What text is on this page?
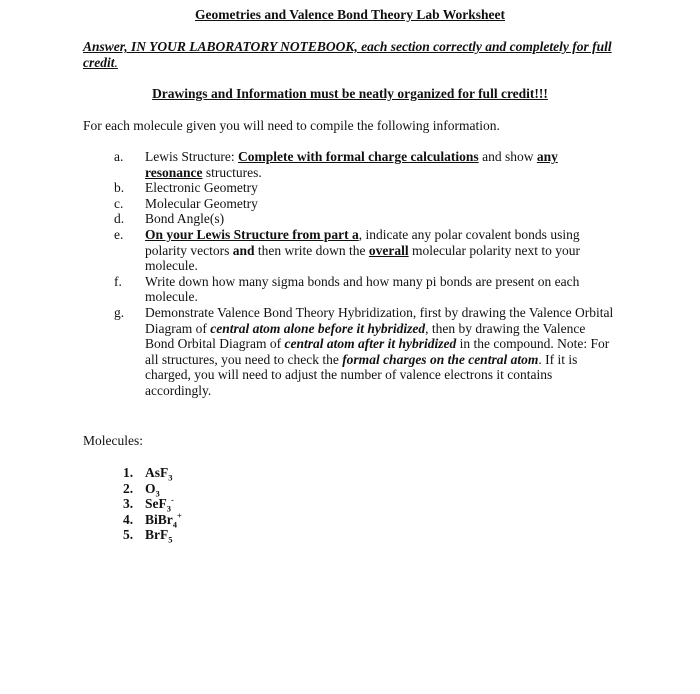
Geometries and Valence Bond Theory Lab Worksheet
Answer, IN YOUR LABORATORY NOTEBOOK, each section correctly and completely for full credit.
Drawings and Information must be neatly organized for full credit!!!
For each molecule given you will need to compile the following information.
a.	Lewis Structure: Complete with formal charge calculations and show any resonance structures.
b.	Electronic Geometry
c.	Molecular Geometry
d.	Bond Angle(s)
e.	On your Lewis Structure from part a, indicate any polar covalent bonds using polarity vectors and then write down the overall molecular polarity next to your molecule.
f.	Write down how many sigma bonds and how many pi bonds are present on each molecule.
g.	Demonstrate Valence Bond Theory Hybridization, first by drawing the Valence Orbital Diagram of central atom alone before it hybridized, then by drawing the Valence Bond Orbital Diagram of central atom after it hybridized in the compound. Note: For all structures, you need to check the formal charges on the central atom. If it is charged, you will need to adjust the number of valence electrons it contains accordingly.
Molecules:
1. AsF$_3$
2. $O_3$
3. SeF$_3$-
4. BiBr$_4$+
5. BrF$_5$
